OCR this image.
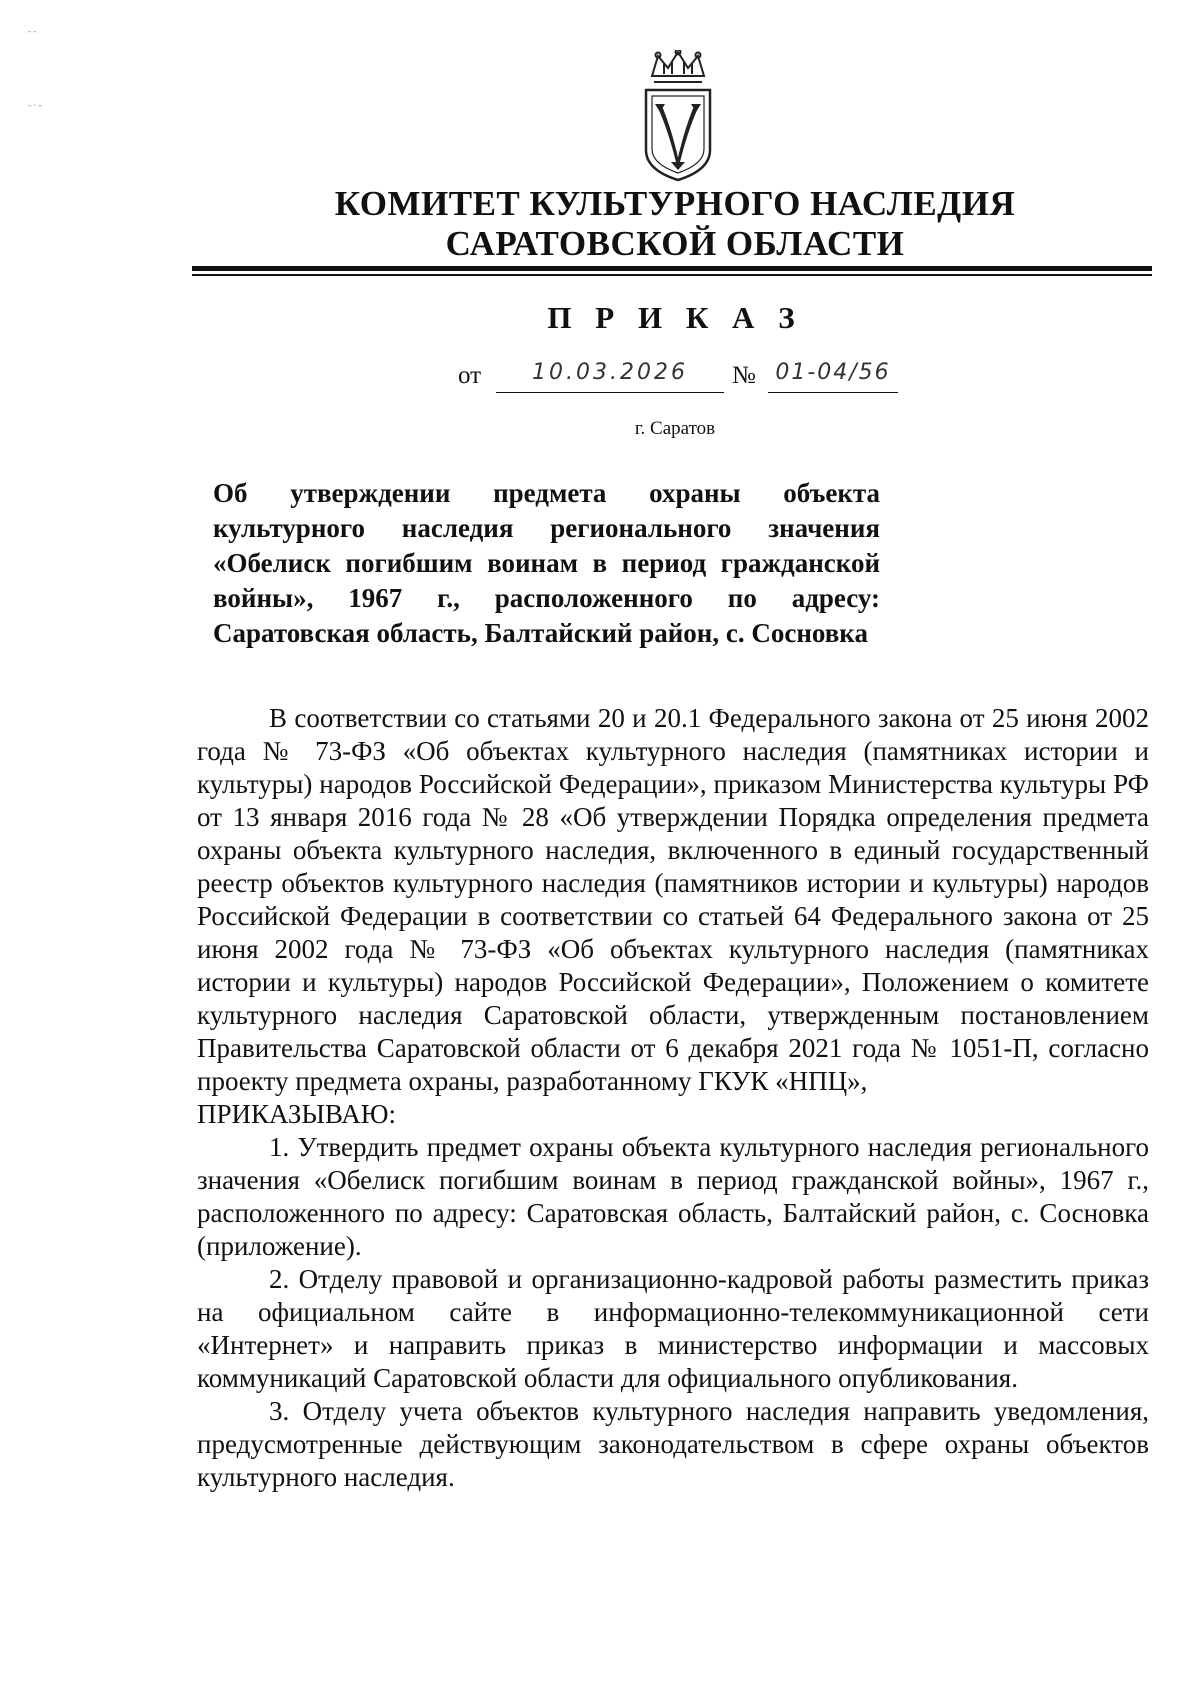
КОМИТЕТ КУЛЬТУРНОГО НАСЛЕДИЯ
САРАТОВСКОЙ ОБЛАСТИ
П Р И К А З
от	10.03.2026	№ 01-04/56
г. Саратов
Об утверждении предмета охраны объекта культурного наследия регионального значения «Обелиск погибшим воинам в период гражданской войны», 1967 г., расположенного по адресу: Саратовская область, Балтайский район, с. Сосновка

В соответствии со статьями 20 и 20.1 Федерального закона от 25 июня 2002 года № 73-ФЗ «Об объектах культурного наследия (памятниках истории и культуры) народов Российской Федерации», приказом Министерства культуры РФ от 13 января 2016 года № 28 «Об утверждении Порядка определения предмета охраны объекта культурного наследия, включенного в единый государственный реестр объектов культурного наследия (памятников истории и культуры) народов Российской Федерации в соответствии со статьей 64 Федерального закона от 25 июня 2002 года № 73-ФЗ «Об объектах культурного наследия (памятниках истории и культуры) народов Российской Федерации», Положением о комитете культурного наследия Саратовской области, утвержденным постановлением Правительства Саратовской области от 6 декабря 2021 года № 1051-П, согласно проекту предмета охраны, разработанному ГКУК «НПЦ»,

ПРИКАЗЫВАЮ:

1. Утвердить предмет охраны объекта культурного наследия регионального значения «Обелиск погибшим воинам в период гражданской войны», 1967 г., расположенного по адресу: Саратовская область, Балтайский район, с. Сосновка (приложение).

2. Отделу правовой и организационно-кадровой работы разместить приказ на официальном сайте в информационно-телекоммуникационной сети «Интернет» и направить приказ в министерство информации и массовых коммуникаций Саратовской области для официального опубликования.

3. Отделу учета объектов культурного наследия направить уведомления, предусмотренные действующим законодательством в сфере охраны объектов культурного наследия.

- -
- · -
